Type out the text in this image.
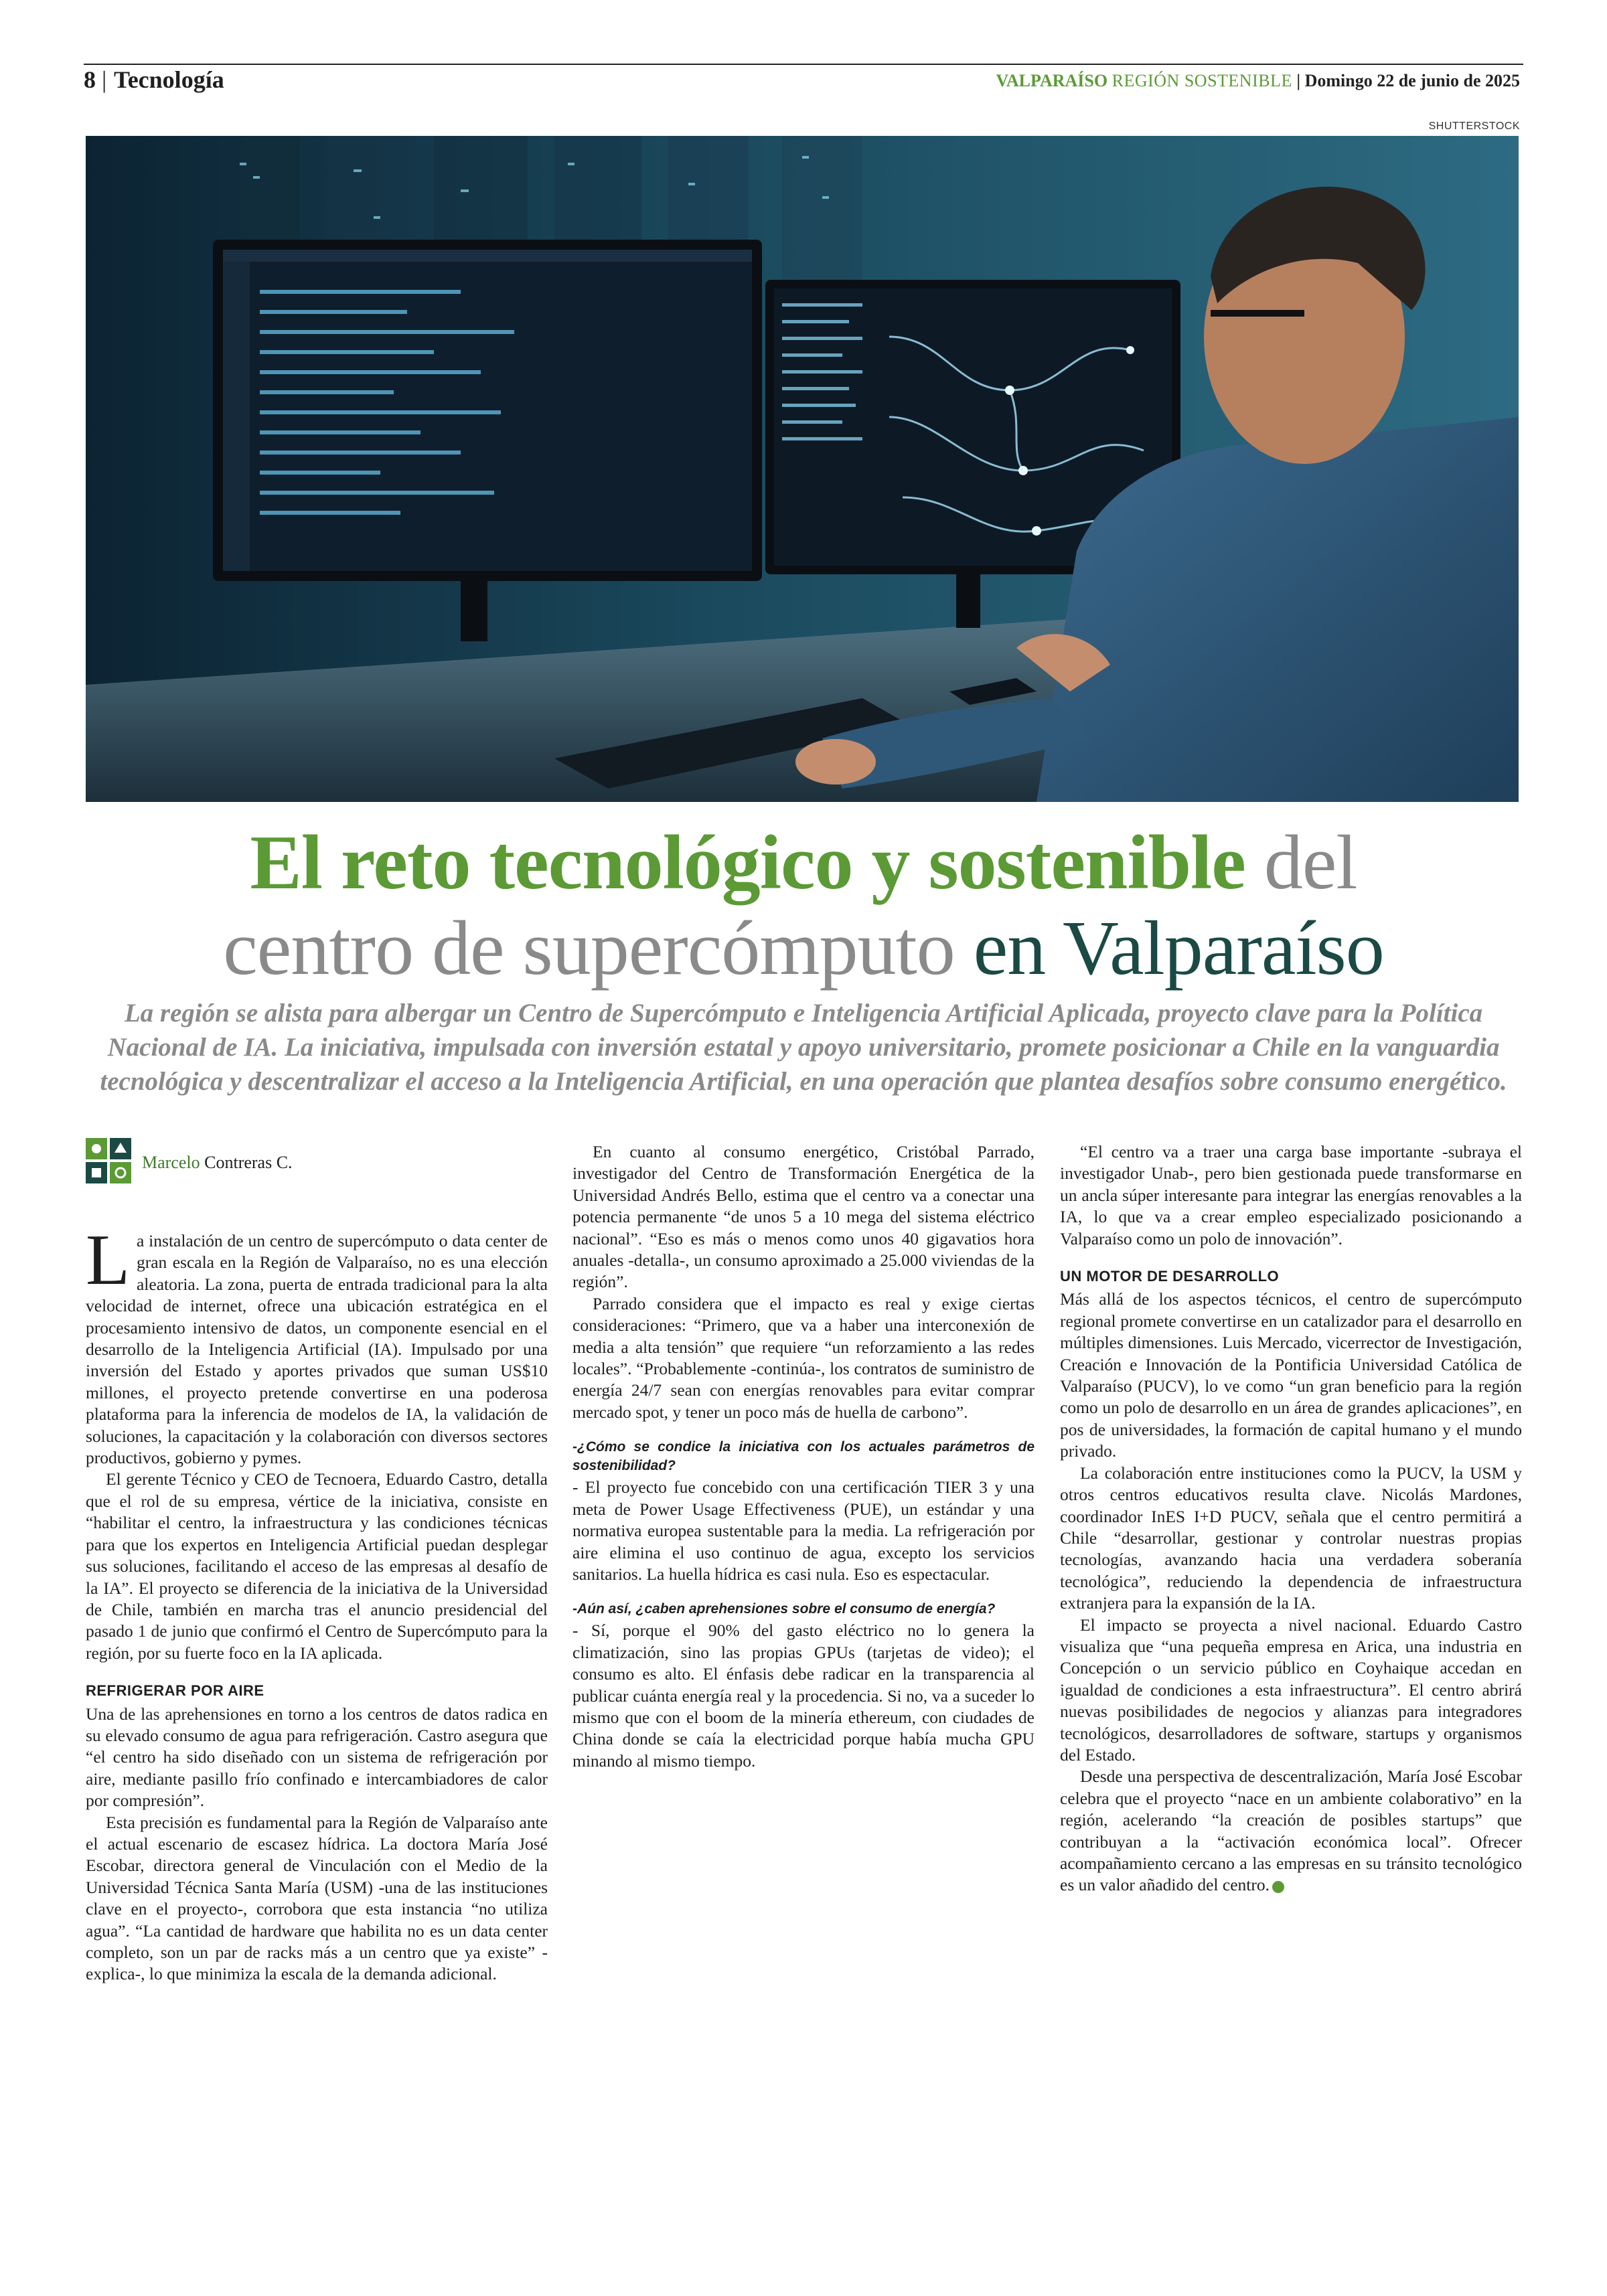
8 | Tecnología	VALPARAÍSO REGIÓN SOSTENIBLE | Domingo 22 de junio de 2025
SHUTTERSTOCK
El reto tecnológico y sostenible del
centro de supercómputo en Valparaíso
La región se alista para albergar un Centro de Supercómputo e Inteligencia Artificial Aplicada, proyecto clave para la Política Nacional de IA. La iniciativa, impulsada con inversión estatal y apoyo universitario, promete posicionar a Chile en la vanguardia tecnológica y descentralizar el acceso a la Inteligencia Artificial, en una operación que plantea desafíos sobre consumo energético.
Marcelo Contreras C.

La instalación de un centro de supercómputo o data center de gran escala en la Región de Valparaíso, no es una elección aleatoria. La zona, puerta de entrada tradicional para la alta velocidad de internet, ofrece una ubicación estratégica en el procesamiento intensivo de datos, un componente esencial en el desarrollo de la Inteligencia Artificial (IA). Impulsado por una inversión del Estado y aportes privados que suman US$10 millones, el proyecto pretende convertirse en una poderosa plataforma para la inferencia de modelos de IA, la validación de soluciones, la capacitación y la colaboración con diversos sectores productivos, gobierno y pymes.

El gerente Técnico y CEO de Tecnoera, Eduardo Castro, detalla que el rol de su empresa, vértice de la iniciativa, consiste en “habilitar el centro, la infraestructura y las condiciones técnicas para que los expertos en Inteligencia Artificial puedan desplegar sus soluciones, facilitando el acceso de las empresas al desafío de la IA”. El proyecto se diferencia de la iniciativa de la Universidad de Chile, también en marcha tras el anuncio presidencial del pasado 1 de junio que confirmó el Centro de Supercómputo para la región, por su fuerte foco en la IA aplicada.

REFRIGERAR POR AIRE

Una de las aprehensiones en torno a los centros de datos radica en su elevado consumo de agua para refrigeración. Castro asegura que “el centro ha sido diseñado con un sistema de refrigeración por aire, mediante pasillo frío confinado e intercambiadores de calor por compresión”.

Esta precisión es fundamental para la Región de Valparaíso ante el actual escenario de escasez hídrica. La doctora María José Escobar, directora general de Vinculación con el Medio de la Universidad Técnica Santa María (USM) -una de las instituciones clave en el proyecto-, corrobora que esta instancia “no utiliza agua”. “La cantidad de hardware que habilita no es un data center completo, son un par de racks más a un centro que ya existe” -explica-, lo que minimiza la escala de la demanda adicional.

En cuanto al consumo energético, Cristóbal Parrado, investigador del Centro de Transformación Energética de la Universidad Andrés Bello, estima que el centro va a conectar una potencia permanente “de unos 5 a 10 mega del sistema eléctrico nacional”. “Eso es más o menos como unos 40 gigavatios hora anuales -detalla-, un consumo aproximado a 25.000 viviendas de la región”.

Parrado considera que el impacto es real y exige ciertas consideraciones: “Primero, que va a haber una interconexión de media a alta tensión” que requiere “un reforzamiento a las redes locales”. “Probablemente -continúa-, los contratos de suministro de energía 24/7 sean con energías renovables para evitar comprar mercado spot, y tener un poco más de huella de carbono”.

-¿Cómo se condice la iniciativa con los actuales parámetros de sostenibilidad?

- El proyecto fue concebido con una certificación TIER 3 y una meta de Power Usage Effectiveness (PUE), un estándar y una normativa europea sustentable para la media. La refrigeración por aire elimina el uso continuo de agua, excepto los servicios sanitarios. La huella hídrica es casi nula. Eso es espectacular.

-Aún así, ¿caben aprehensiones sobre el consumo de energía?

- Sí, porque el 90% del gasto eléctrico no lo genera la climatización, sino las propias GPUs (tarjetas de video); el consumo es alto. El énfasis debe radicar en la transparencia al publicar cuánta energía real y la procedencia. Si no, va a suceder lo mismo que con el boom de la minería ethereum, con ciudades de China donde se caía la electricidad porque había mucha GPU minando al mismo tiempo.

“El centro va a traer una carga base importante -subraya el investigador Unab-, pero bien gestionada puede transformarse en un ancla súper interesante para integrar las energías renovables a la IA, lo que va a crear empleo especializado posicionando a Valparaíso como un polo de innovación”.

UN MOTOR DE DESARROLLO

Más allá de los aspectos técnicos, el centro de supercómputo regional promete convertirse en un catalizador para el desarrollo en múltiples dimensiones. Luis Mercado, vicerrector de Investigación, Creación e Innovación de la Pontificia Universidad Católica de Valparaíso (PUCV), lo ve como “un gran beneficio para la región como un polo de desarrollo en un área de grandes aplicaciones”, en pos de universidades, la formación de capital humano y el mundo privado.

La colaboración entre instituciones como la PUCV, la USM y otros centros educativos resulta clave. Nicolás Mardones, coordinador InES I+D PUCV, señala que el centro permitirá a Chile “desarrollar, gestionar y controlar nuestras propias tecnologías, avanzando hacia una verdadera soberanía tecnológica”, reduciendo la dependencia de infraestructura extranjera para la expansión de la IA.

El impacto se proyecta a nivel nacional. Eduardo Castro visualiza que “una pequeña empresa en Arica, una industria en Concepción o un servicio público en Coyhaique accedan en igualdad de condiciones a esta infraestructura”. El centro abrirá nuevas posibilidades de negocios y alianzas para integradores tecnológicos, desarrolladores de software, startups y organismos del Estado.

Desde una perspectiva de descentralización, María José Escobar celebra que el proyecto “nace en un ambiente colaborativo” en la región, acelerando “la creación de posibles startups” que contribuyan a la “activación económica local”. Ofrecer acompañamiento cercano a las empresas en su tránsito tecnológico es un valor añadido del centro.
